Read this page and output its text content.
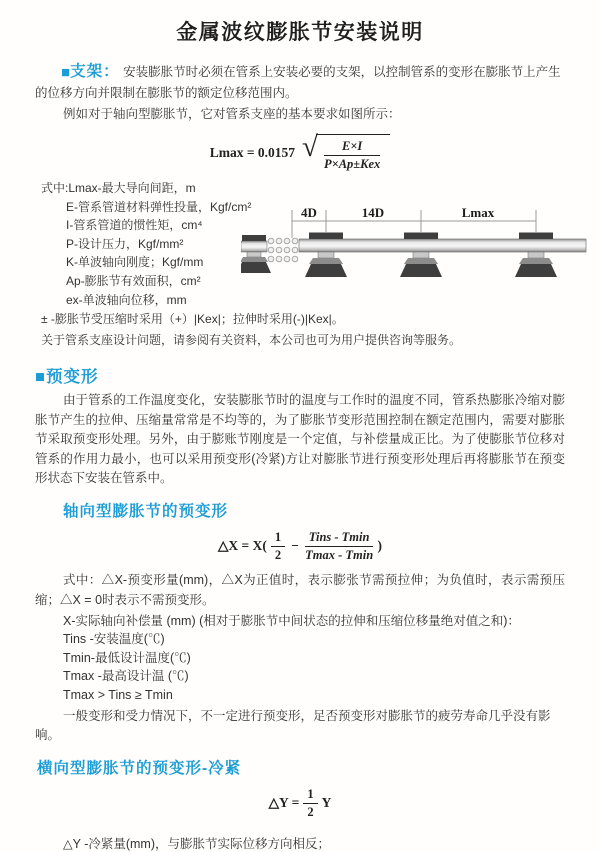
金属波纹膨胀节安装说明

■支架： 安装膨胀节时必须在管系上安装必要的支架，以控制管系的变形在膨胀节上产生的位移方向并限制在膨胀节的额定位移范围内。

例如对于轴向型膨胀节，它对管系支座的基本要求如图所示：

Lmax = 0.0157 √ $\frac{E\times I}{\text{P×Ap±Kex}}$
式中:Lmax-最大导向间距，m
E-管系管道材料弹性投量，Kgf/cm²
I-管系管道的惯性矩，cm⁴
P-设计压力，Kgf/mm²
K-单波轴向刚度；Kgf/mm
Ap-膨胀节有效面积，cm²
ex-单波轴向位移，mm
± -膨胀节受压缩时采用（+）|Kex|；拉伸时采用(-)|Kex|。
关于管系支座设计问题，请参阅有关资料，本公司也可为用户提供咨询等服务。
4D	14D	Lmax
■预变形

由于管系的工作温度变化，安装膨胀节时的温度与工作时的温度不同，管系热膨胀冷缩对膨胀节产生的拉伸、压缩量常常是不均等的，为了膨胀节变形范围控制在额定范围内，需要对膨胀节采取预变形处理。另外，由于膨账节刚度是一个定值，与补偿量成正比。为了使膨胀节位移对管系的作用力最小，也可以采用预变形(冷紧)方让对膨胀节进行预变形处理后再将膨胀节在预变形状态下安装在管系中。

轴向型膨胀节的预变形
△X = $X( \frac{1}{2} - \frac{\text{Tins - Tmin}}{Tmax - Tmin}$ )

式中：△X-预变形量(mm)，△X为正值时，表示膨张节需预拉伸；为负值时，表示需预压缩；△X = 0时表示不需预变形。

X-实际轴向补偿量 (mm) (相对于膨胀节中间状态的拉伸和压缩位移量绝对值之和)：
Tins -安装温度(℃)
Tmin-最低设计温度(℃)
Tmax -最高设计温 (℃)
Tmax > Tins ≥ Tmin

一般变形和受力情况下，不一定进行预变形，足否预变形对膨胀节的疲劳寿命几乎没有影响。

横向型膨胀节的预变形-冷紧
△Y = $\frac{1}{2}$ Y
△Y -冷紧量(mm)，与膨胀节实际位移方向相反；
